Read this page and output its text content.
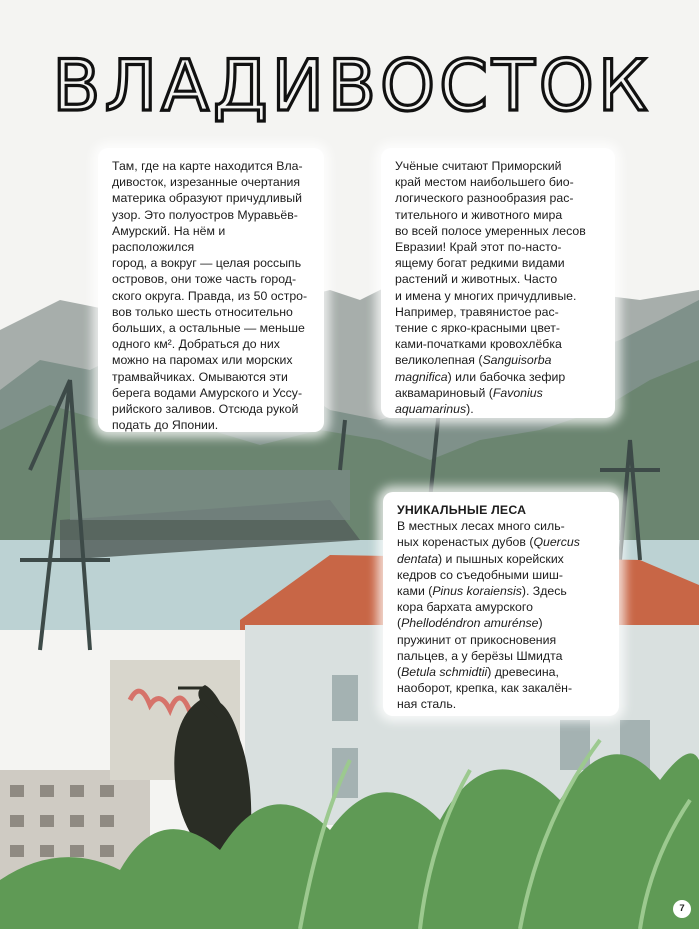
ВЛАДИВОСТОК

Там, где на карте находится Вла-
дивосток, изрезанные очертания
материка образуют причудливый
узор. Это полуостров Муравьёв-
Амурский. На нём и расположился
город, а вокруг — целая россыпь
островов, они тоже часть город-
ского округа. Правда, из 50 остро-
вов только шесть относительно
больших, а остальные — меньше
одного км². Добраться до них
можно на паромах или морских
трамвайчиках. Омываются эти
берега водами Амурского и Уссу-
рийского заливов. Отсюда рукой
подать до Японии.

Учёные считают Приморский
край местом наибольшего био-
логического разнообразия рас-
тительного и животного мира
во всей полосе умеренных лесов
Евразии! Край этот по-насто-
ящему богат редкими видами
растений и животных. Часто
и имена у многих причудливые.
Например, травянистое рас-
тение с ярко-красными цвет-
ками-початками кровохлёбка
великолепная (Sanguisorba
magnifica) или бабочка зефир
аквамариновый (Favonius
aquamarinus).

УНИКАЛЬНЫЕ ЛЕСА
В местных лесах много силь-
ных коренастых дубов (Quercus
dentata) и пышных корейских
кедров со съедобными шиш-
ками (Pinus koraiensis). Здесь
кора бархата амурского
(Phellodéndron amurénse)
пружинит от прикосновения
пальцев, а у берёзы Шмидта
(Betula schmidtii) древесина,
наоборот, крепка, как закалён-
ная сталь.

7
